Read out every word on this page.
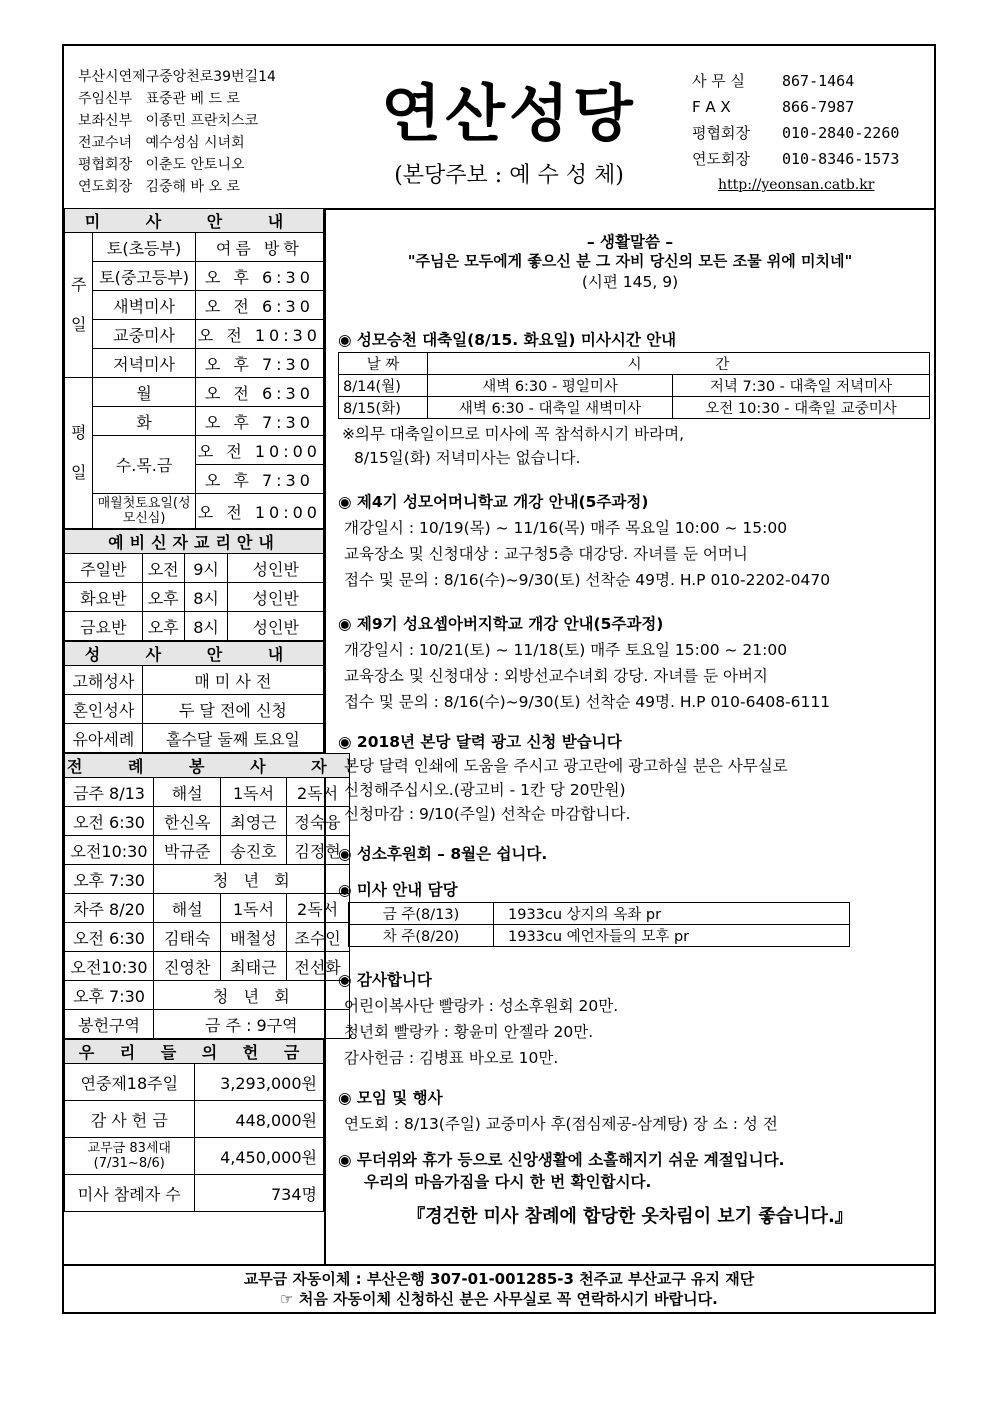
부산시연제구중앙천로39번길14
주임신부 표중관 베 드 로
보좌신부 이종민 프란치스코
전교수녀 예수성심 시녀회
평협회장 이춘도 안토니오
연도회장 김중해 바 오 로
연산성당
(본당주보 : 예 수 성 체)
사 무 실	867-1464
F A X	866-7987
평협회장	010-2840-2260
연도회장	010-8346-1573
http://yeonsan.catb.kr
미 사 안 내		
주일	토(초등부)	여름 방학
	토(중고등부)	오 후 6:30
	새벽미사	오 전 6:30
	교중미사	오 전 10:30
	저녁미사	오 후 7:30
평일	월	오 전 6:30
	화	오 후 7:30
	수.목.금	오 전 10:00
		오 후 7:30
	매월첫토요일(성모신심)	오 전 10:00
예비신자교리안내			
주일반	오전	9시	성인반
화요반	오후	8시	성인반
금요반	오후	8시	성인반
성 사 안 내	
고해성사	매 미 사 전
혼인성사	두 달 전에 신청
유아세례	홀수달 둘째 토요일
전 례 봉 사 자			
금주 8/13	해설	1독서	2독서
오전 6:30	한신옥	최영근	정숙융
오전10:30	박규준	송진호	김정현
오후 7:30	청   년   회		
차주 8/20	해설	1독서	2독서
오전 6:30	김태숙	배철성	조수인
오전10:30	진영찬	최태근	전선화
오후 7:30	청   년   회		
봉헌구역	금 주 : 9구역		
우 리 들 의 헌 금	
연중제18주일	3,293,000원
감 사 헌 금	448,000원
교무금 83세대 (7/31~8/6)	4,450,000원
미사 참례자 수	734명
– 생활말씀 –
"주님은 모두에게 좋으신 분 그 자비 당신의 모든 조물 위에 미치네"
(시편 145, 9)
◉ 성모승천 대축일(8/15. 화요일) 미사시간 안내
날 짜	시                간	
8/14(월)	새벽 6:30 - 평일미사	저녁 7:30 - 대축일 저녁미사
8/15(화)	새벽 6:30 - 대축일 새벽미사	오전 10:30 - 대축일 교중미사
※의무 대축일이므로 미사에 꼭 참석하시기 바라며,
8/15일(화) 저녁미사는 없습니다.
◉ 제4기 성모어머니학교 개강 안내(5주과정)
개강일시 : 10/19(목) ~ 11/16(목) 매주 목요일 10:00 ~ 15:00
교육장소 및 신청대상 : 교구청5층 대강당. 자녀를 둔 어머니
접수 및 문의 : 8/16(수)~9/30(토) 선착순 49명. H.P 010-2202-0470
◉ 제9기 성요셉아버지학교 개강 안내(5주과정)
개강일시 : 10/21(토) ~ 11/18(토) 매주 토요일 15:00 ~ 21:00
교육장소 및 신청대상 : 외방선교수녀회 강당. 자녀를 둔 아버지
접수 및 문의 : 8/16(수)~9/30(토) 선착순 49명. H.P 010-6408-6111
◉ 2018년 본당 달력 광고 신청 받습니다
본당 달력 인쇄에 도움을 주시고 광고란에 광고하실 분은 사무실로
신청해주십시오.(광고비 - 1칸 당 20만원)
신청마감 : 9/10(주일) 선착순 마감합니다.
◉ 성소후원회 – 8월은 쉽니다.
◉ 미사 안내 담당
금 주(8/13)	1933cu 상지의 옥좌 pr
차 주(8/20)	1933cu 예언자들의 모후 pr
◉ 감사합니다
어린이복사단 빨랑카 : 성소후원회 20만.
청년회 빨랑카 : 황윤미 안젤라 20만.
감사헌금 : 김병표 바오로 10만.
◉ 모임 및 행사
연도회 : 8/13(주일) 교중미사 후(점심제공-삼계탕) 장 소 : 성 전
◉ 무더위와 휴가 등으로 신앙생활에 소홀해지기 쉬운 계절입니다.
우리의 마음가짐을 다시 한 번 확인합시다.
『경건한 미사 참례에 합당한 옷차림이 보기 좋습니다.』
교무금 자동이체 : 부산은행 307-01-001285-3 천주교 부산교구 유지 재단
☞ 처음 자동이체 신청하신 분은 사무실로 꼭 연락하시기 바랍니다.
